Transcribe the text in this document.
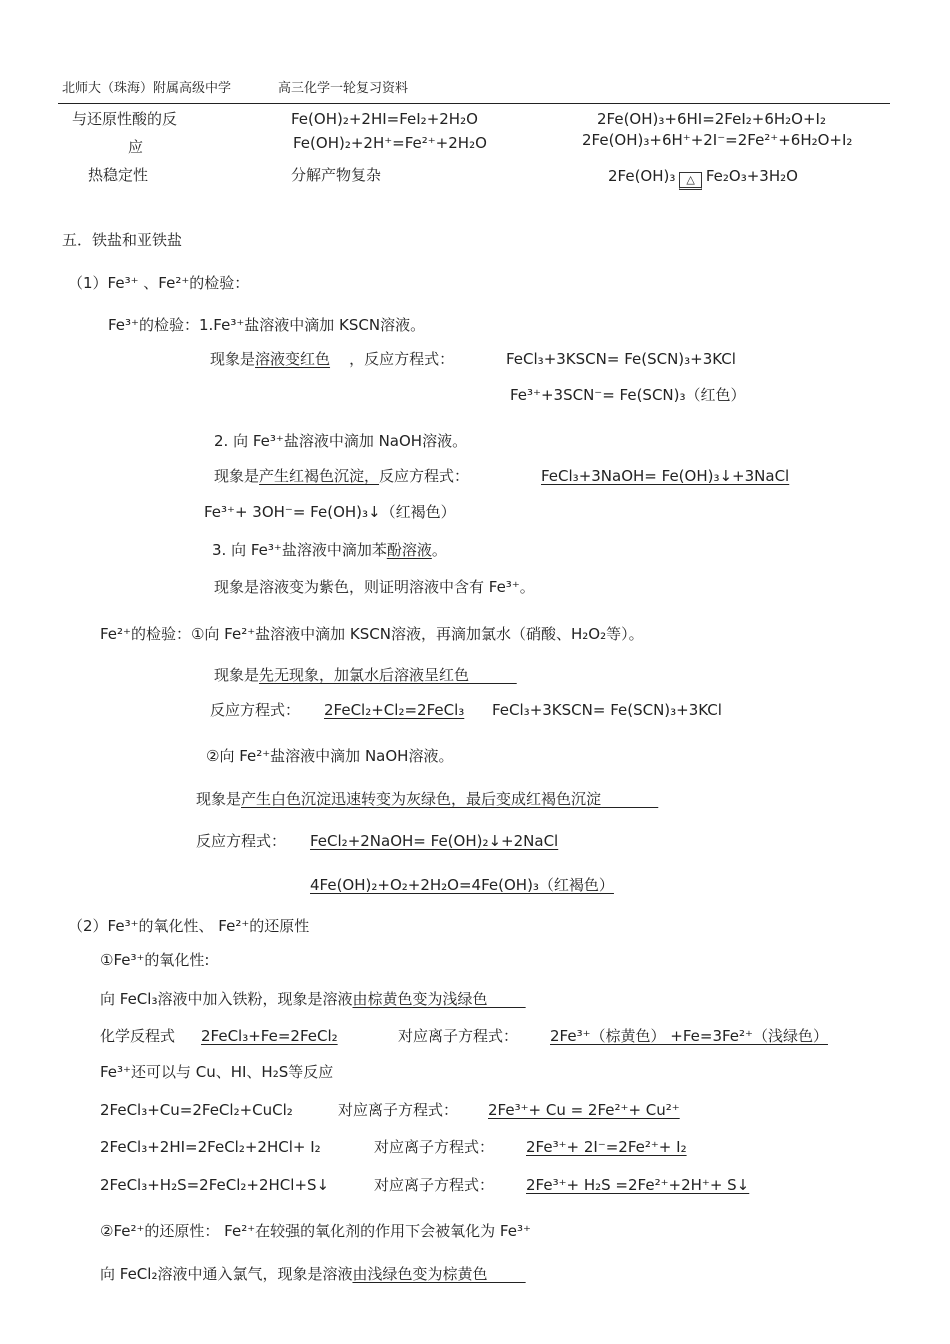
北师大（珠海）附属高级中学	高三化学一轮复习资料
与还原性酸的反	Fe(OH)₂+2HI=FeI₂+2H₂O	2Fe(OH)₃+6HI=2FeI₂+6H₂O+I₂
应	Fe(OH)₂+2H⁺=Fe²⁺+2H₂O	2Fe(OH)₃+6H⁺+2I⁻=2Fe²⁺+6H₂O+I₂
热稳定性	分解产物复杂	2Fe(OH)₃ △ Fe₂O₃+3H₂O
五．铁盐和亚铁盐
（1）Fe³⁺ 、Fe²⁺的检验：
Fe³⁺的检验：1.Fe³⁺盐溶液中滴加 KSCN溶液。
现象是溶液变红色 ，反应方程式：	FeCl₃+3KSCN= Fe(SCN)₃+3KCl
Fe³⁺+3SCN⁻= Fe(SCN)₃（红色）
2. 向 Fe³⁺盐溶液中滴加 NaOH溶液。
现象是产生红褐色沉淀，反应方程式：	FeCl₃+3NaOH= Fe(OH)₃↓+3NaCl
Fe³⁺+ 3OH⁻= Fe(OH)₃↓（红褐色）
3. 向 Fe³⁺盐溶液中滴加苯酚溶液。
现象是溶液变为紫色，则证明溶液中含有 Fe³⁺。
Fe²⁺的检验：①向 Fe²⁺盐溶液中滴加 KSCN溶液，再滴加氯水（硝酸、H₂O₂等）。
现象是先无现象，加氯水后溶液呈红色
反应方程式： 2FeCl₂+Cl₂=2FeCl₃ FeCl₃+3KSCN= Fe(SCN)₃+3KCl
②向 Fe²⁺盐溶液中滴加 NaOH溶液。
现象是产生白色沉淀迅速转变为灰绿色，最后变成红褐色沉淀
反应方程式： FeCl₂+2NaOH= Fe(OH)₂↓+2NaCl
4Fe(OH)₂+O₂+2H₂O=4Fe(OH)₃（红褐色）
（2）Fe³⁺的氧化性、 Fe²⁺的还原性
①Fe³⁺的氧化性:
向 FeCl₃溶液中加入铁粉，现象是溶液由棕黄色变为浅绿色
化学反程式 2FeCl₃+Fe=2FeCl₂	对应离子方程式： 2Fe³⁺（棕黄色） +Fe=3Fe²⁺（浅绿色）
Fe³⁺还可以与 Cu、HI、H₂S等反应
2FeCl₃+Cu=2FeCl₂+CuCl₂	对应离子方程式： 2Fe³⁺+ Cu = 2Fe²⁺+ Cu²⁺
2FeCl₃+2HI=2FeCl₂+2HCl+ I₂	对应离子方程式： 2Fe³⁺+ 2I⁻=2Fe²⁺+ I₂
2FeCl₃+H₂S=2FeCl₂+2HCl+S↓	对应离子方程式： 2Fe³⁺+ H₂S =2Fe²⁺+2H⁺+ S↓
②Fe²⁺的还原性： Fe²⁺在较强的氧化剂的作用下会被氧化为 Fe³⁺
向 FeCl₂溶液中通入氯气，现象是溶液由浅绿色变为棕黄色
